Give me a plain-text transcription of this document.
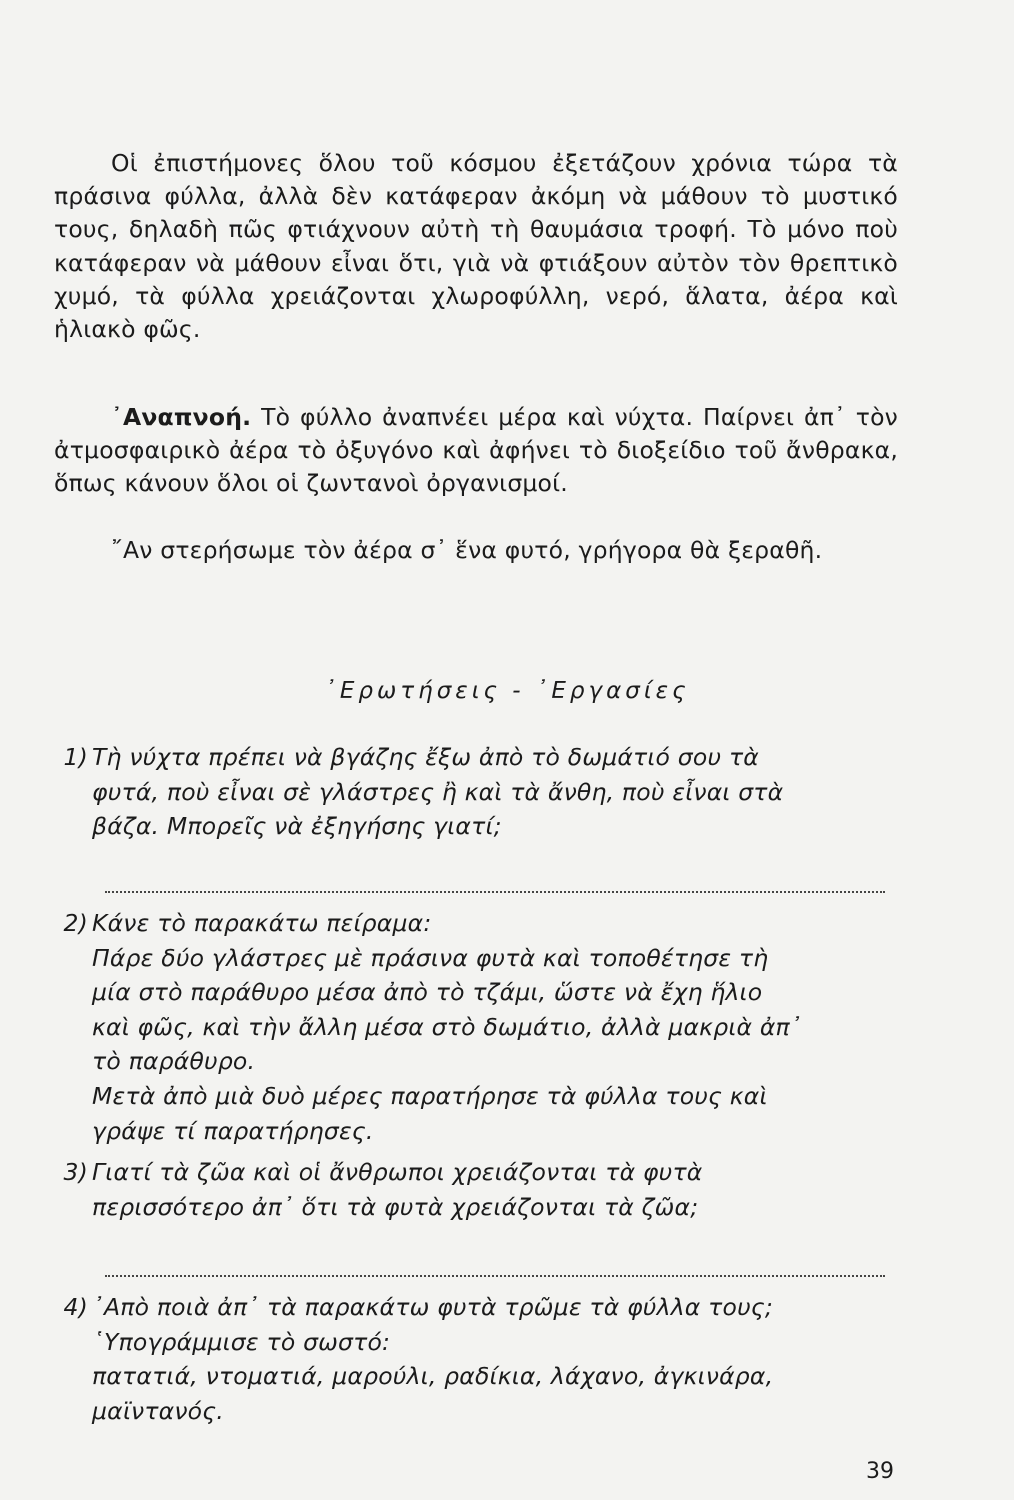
Οἱ ἐπιστήμονες ὅλου τοῦ κόσμου ἐξετάζουν χρόνια τώρα τὰ πράσινα φύλλα, ἀλλὰ δὲν κατάφεραν ἀκόμη νὰ μάθουν τὸ μυστικό τους, δηλαδὴ πῶς φτιάχνουν αὐτὴ τὴ θαυμάσια τροφή. Τὸ μόνο ποὺ κατάφεραν νὰ μάθουν εἶναι ὅτι, γιὰ νὰ φτιάξουν αὐτὸν τὸν θρεπτικὸ χυμό, τὰ φύλλα χρειάζονται χλωροφύλλη, νερό, ἅλατα, ἀέρα καὶ ἡλιακὸ φῶς.

᾿Αναπνοή. Τὸ φύλλο ἀναπνέει μέρα καὶ νύχτα. Παίρνει ἀπ᾿ τὸν ἀτμοσφαιρικὸ ἀέρα τὸ ὀξυγόνο καὶ ἀφήνει τὸ διοξείδιο τοῦ ἄνθρακα, ὅπως κάνουν ὅλοι οἱ ζωντανοὶ ὀργανισμοί.

῎Αν στερήσωμε τὸν ἀέρα σ᾿ ἕνα φυτό, γρήγορα θὰ ξεραθῆ.

᾿Ερωτήσεις - ᾿Εργασίες
1) Τὴ νύχτα πρέπει νὰ βγάζης ἔξω ἀπὸ τὸ δωμάτιό σου τὰ
φυτά, ποὺ εἶναι σὲ γλάστρες ἢ καὶ τὰ ἄνθη, ποὺ εἶναι στὰ
βάζα. Μπορεῖς νὰ ἐξηγήσης γιατί;
2) Κάνε τὸ παρακάτω πείραμα:
Πάρε δύο γλάστρες μὲ πράσινα φυτὰ καὶ τοποθέτησε τὴ
μία στὸ παράθυρο μέσα ἀπὸ τὸ τζάμι, ὥστε νὰ ἔχη ἥλιο
καὶ φῶς, καὶ τὴν ἄλλη μέσα στὸ δωμάτιο, ἀλλὰ μακριὰ ἀπ᾿
τὸ παράθυρο.
Μετὰ ἀπὸ μιὰ δυὸ μέρες παρατήρησε τὰ φύλλα τους καὶ
γράψε τί παρατήρησες.
3) Γιατί τὰ ζῶα καὶ οἱ ἄνθρωποι χρειάζονται τὰ φυτὰ
περισσότερο ἀπ᾿ ὅτι τὰ φυτὰ χρειάζονται τὰ ζῶα;
4) ᾿Απὸ ποιὰ ἀπ᾿ τὰ παρακάτω φυτὰ τρῶμε τὰ φύλλα τους;
῾Υπογράμμισε τὸ σωστό:
πατατιά, ντοματιά, μαρούλι, ραδίκια, λάχανο, ἀγκινάρα,
μαϊντανός.
39
